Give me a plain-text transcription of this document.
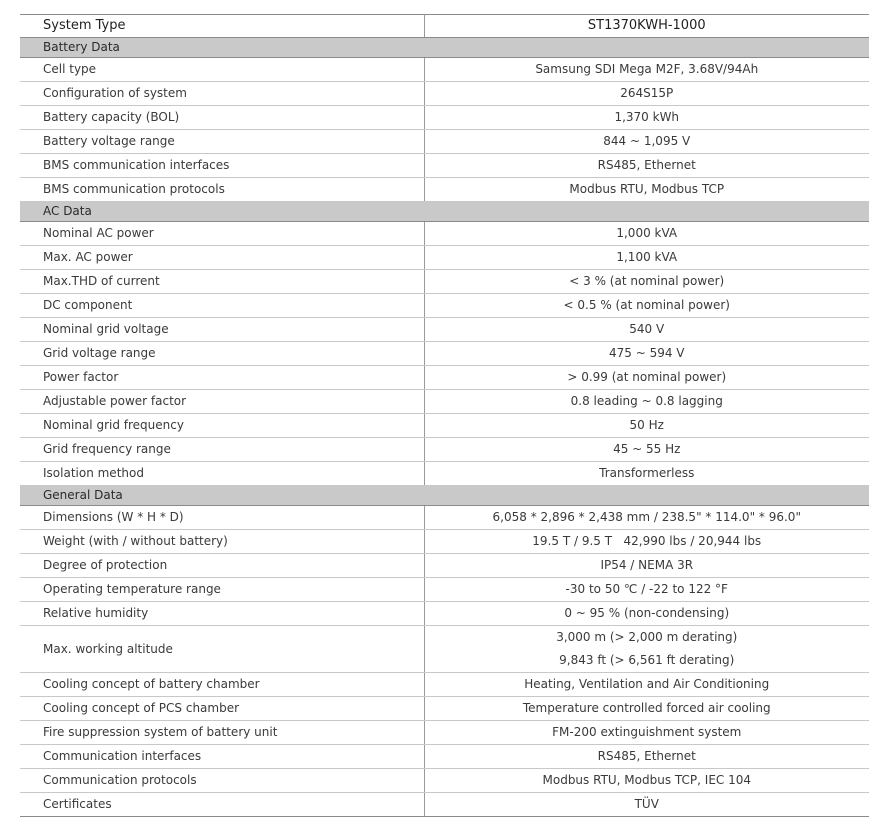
System Type	ST1370KWH-1000
Battery Data	
Cell type	Samsung SDI Mega M2F, 3.68V/94Ah

Configuration of system	264S15P

Battery capacity (BOL)	1,370 kWh

Battery voltage range	844 ~ 1,095 V

BMS communication interfaces	RS485, Ethernet

BMS communication protocols	Modbus RTU, Modbus TCP

AC Data	
Nominal AC power	1,000 kVA

Max. AC power	1,100 kVA

Max.THD of current	< 3 % (at nominal power)

DC component	< 0.5 % (at nominal power)

Nominal grid voltage	540 V

Grid voltage range	475 ~ 594 V

Power factor	> 0.99 (at nominal power)

Adjustable power factor	0.8 leading ~ 0.8 lagging

Nominal grid frequency	50 Hz

Grid frequency range	45 ~ 55 Hz

Isolation method	Transformerless

General Data	
Dimensions (W * H * D)	6,058 * 2,896 * 2,438 mm / 238.5" * 114.0" * 96.0"

Weight (with / without battery)	19.5 T / 9.5 T   42,990 lbs / 20,944 lbs

Degree of protection	IP54 / NEMA 3R

Operating temperature range	-30 to 50 ℃ / -22 to 122 °F

Relative humidity	0 ~ 95 % (non-condensing)

Max. working altitude	3,000 m (> 2,000 m derating)
9,843 ft (> 6,561 ft derating)

Cooling concept of battery chamber	Heating, Ventilation and Air Conditioning

Cooling concept of PCS chamber	Temperature controlled forced air cooling

Fire suppression system of battery unit	FM-200 extinguishment system

Communication interfaces	RS485, Ethernet

Communication protocols	Modbus RTU, Modbus TCP, IEC 104

Certificates	TÜV
